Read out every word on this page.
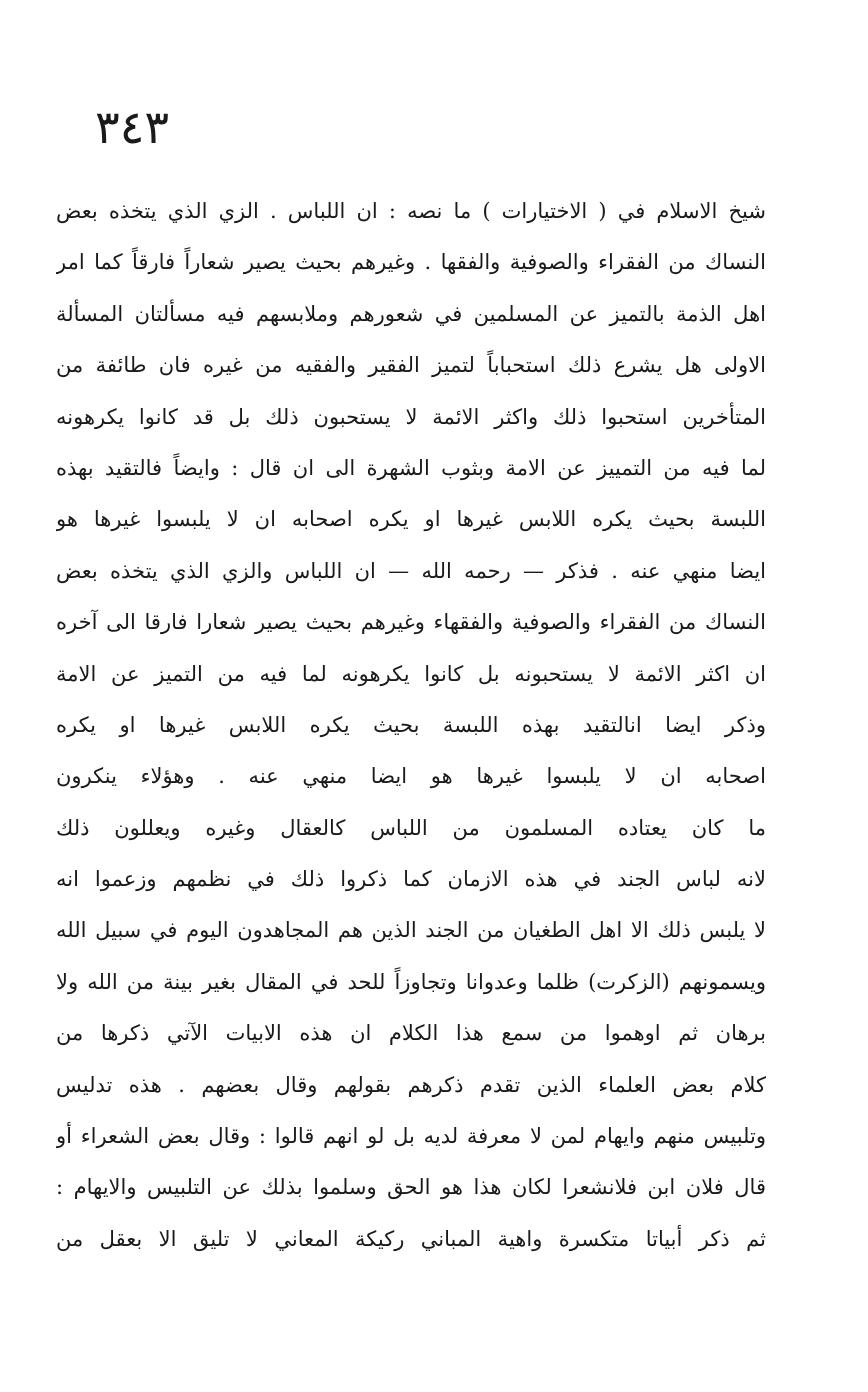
٣٤٣
شيخ الاسلام في ( الاختيارات ) ما نصه : ان اللباس . الزي الذي يتخذه بعض
النساك من الفقراء والصوفية والفقها . وغيرهم بحيث يصير شعاراً فارقاً كما امر
اهل الذمة بالتميز عن المسلمين في شعورهم وملابسهم فيه مسألتان المسألة
الاولى هل يشرع ذلك استحباباً لتميز الفقير والفقيه من غيره فان طائفة من
المتأخرين استحبوا ذلك واكثر الائمة لا يستحبون ذلك بل قد كانوا يكرهونه
لما فيه من التمييز عن الامة وبثوب الشهرة الى ان قال : وايضاً فالتقيد بهذه
اللبسة بحيث يكره اللابس غيرها او يكره اصحابه ان لا يلبسوا غيرها هو
ايضا منهي عنه . فذكر — رحمه الله — ان اللباس والزي الذي يتخذه بعض
النساك من الفقراء والصوفية والفقهاء وغيرهم بحيث يصير شعارا فارقا الى آخره
ان اكثر الائمة لا يستحبونه بل كانوا يكرهونه لما فيه من التميز عن الامة
وذكر ايضا انالتقيد بهذه اللبسة بحيث يكره اللابس غيرها او يكره
اصحابه ان لا يلبسوا غيرها هو ايضا منهي عنه . وهؤلاء ينكرون
ما كان يعتاده المسلمون من اللباس كالعقال وغيره ويعللون ذلك
لانه لباس الجند في هذه الازمان كما ذكروا ذلك في نظمهم وزعموا انه
لا يلبس ذلك الا اهل الطغيان من الجند الذين هم المجاهدون اليوم في سبيل الله
ويسمونهم (الزكرت) ظلما وعدوانا وتجاوزاً للحد في المقال بغير بينة من الله ولا
برهان ثم اوهموا من سمع هذا الكلام ان هذه الابيات الآتي ذكرها من
كلام بعض العلماء الذين تقدم ذكرهم بقولهم وقال بعضهم . هذه تدليس
وتلبيس منهم وايهام لمن لا معرفة لديه بل لو انهم قالوا : وقال بعض الشعراء أو
قال فلان ابن فلانشعرا لكان هذا هو الحق وسلموا بذلك عن التلبيس والايهام :
ثم ذكر أبياتا متكسرة واهية المباني ركيكة المعاني لا تليق الا بعقل من
